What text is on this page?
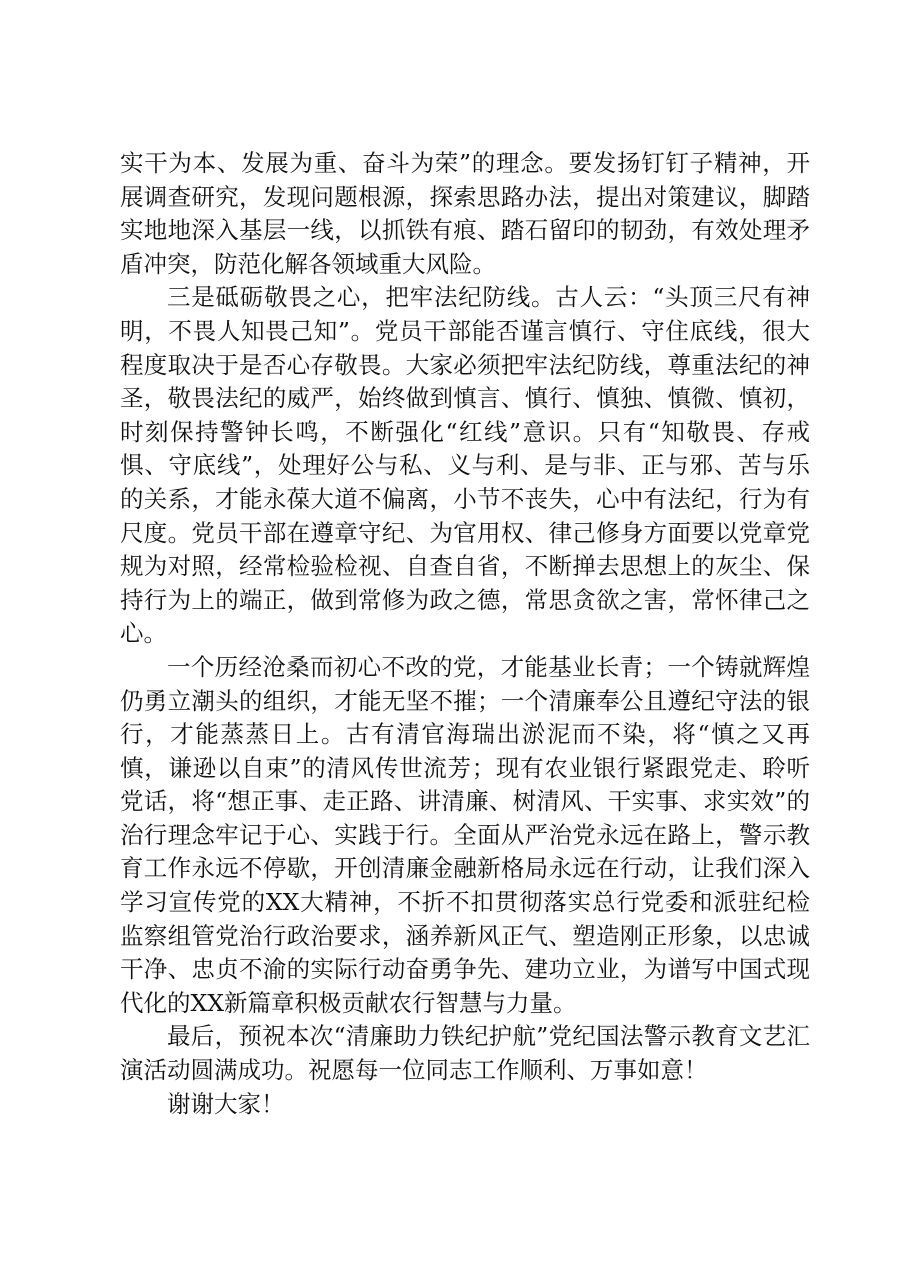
实干为本、发展为重、奋斗为荣”的理念。要发扬钉钉子精神，开展调查研究，发现问题根源，探索思路办法，提出对策建议，脚踏实地地深入基层一线，以抓铁有痕、踏石留印的韧劲，有效处理矛盾冲突，防范化解各领域重大风险。

三是砥砺敬畏之心，把牢法纪防线。古人云：“头顶三尺有神明，不畏人知畏己知”。党员干部能否谨言慎行、守住底线，很大程度取决于是否心存敬畏。大家必须把牢法纪防线，尊重法纪的神圣，敬畏法纪的威严，始终做到慎言、慎行、慎独、慎微、慎初，时刻保持警钟长鸣，不断强化“红线”意识。只有“知敬畏、存戒惧、守底线”，处理好公与私、义与利、是与非、正与邪、苦与乐的关系，才能永葆大道不偏离，小节不丧失，心中有法纪，行为有尺度。党员干部在遵章守纪、为官用权、律己修身方面要以党章党规为对照，经常检验检视、自查自省，不断掸去思想上的灰尘、保持行为上的端正，做到常修为政之德，常思贪欲之害，常怀律己之心。

一个历经沧桑而初心不改的党，才能基业长青；一个铸就辉煌仍勇立潮头的组织，才能无坚不摧；一个清廉奉公且遵纪守法的银行，才能蒸蒸日上。古有清官海瑞出淤泥而不染，将“慎之又再慎，谦逊以自束”的清风传世流芳；现有农业银行紧跟党走、聆听党话，将“想正事、走正路、讲清廉、树清风、干实事、求实效”的治行理念牢记于心、实践于行。全面从严治党永远在路上，警示教育工作永远不停歇，开创清廉金融新格局永远在行动，让我们深入学习宣传党的XX大精神，不折不扣贯彻落实总行党委和派驻纪检监察组管党治行政治要求，涵养新风正气、塑造刚正形象，以忠诚干净、忠贞不渝的实际行动奋勇争先、建功立业，为谱写中国式现代化的XX新篇章积极贡献农行智慧与力量。

最后，预祝本次“清廉助力铁纪护航”党纪国法警示教育文艺汇演活动圆满成功。祝愿每一位同志工作顺利、万事如意！

谢谢大家！
